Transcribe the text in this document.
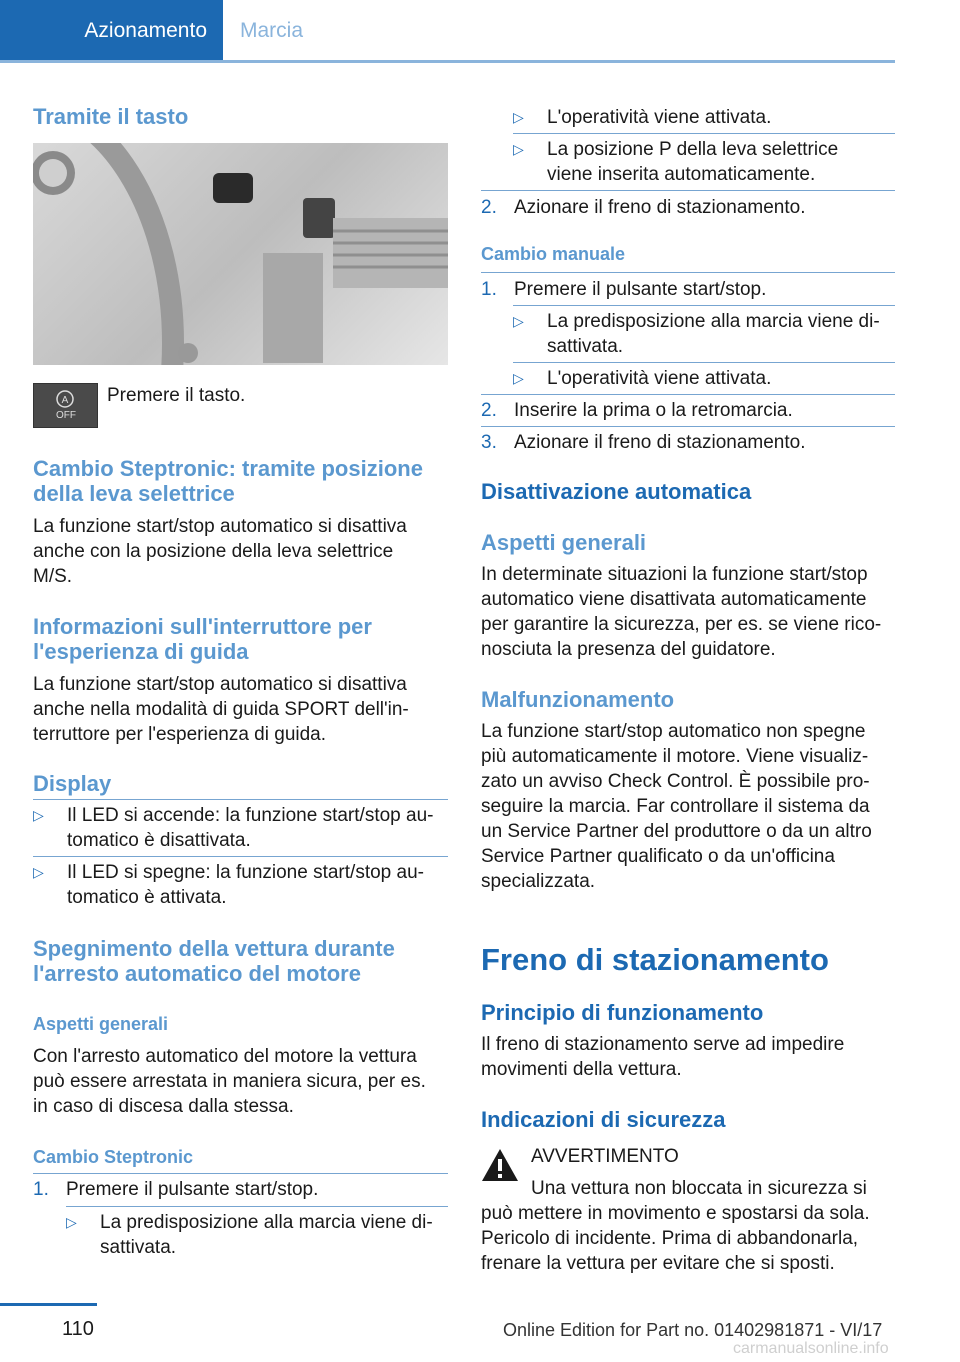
Azionamento	Marcia
Tramite il tasto
A
OFF
Premere il tasto.
Cambio Steptronic: tramite posizione della leva selettrice
La funzione start/stop automatico si disattiva anche con la posizione della leva selettrice M/S.
Informazioni sull'interruttore per l'esperienza di guida
La funzione start/stop automatico si disattiva anche nella modalità di guida SPORT dell'in-terruttore per l'esperienza di guida.
Display
▷ Il LED si accende: la funzione start/stop au-tomatico è disattivata.
▷ Il LED si spegne: la funzione start/stop au-tomatico è attivata.
Spegnimento della vettura durante l'arresto automatico del motore
Aspetti generali
Con l'arresto automatico del motore la vettura può essere arrestata in maniera sicura, per es. in caso di discesa dalla stessa.
Cambio Steptronic
1. Premere il pulsante start/stop.
▷ La predisposizione alla marcia viene di-sattivata.
▷ L'operatività viene attivata.
▷ La posizione P della leva selettrice viene inserita automaticamente.
2. Azionare il freno di stazionamento.
Cambio manuale
1. Premere il pulsante start/stop.
▷ La predisposizione alla marcia viene di-sattivata.
▷ L'operatività viene attivata.
2. Inserire la prima o la retromarcia.
3. Azionare il freno di stazionamento.
Disattivazione automatica
Aspetti generali
In determinate situazioni la funzione start/stop automatico viene disattivata automaticamente per garantire la sicurezza, per es. se viene rico-nosciuta la presenza del guidatore.
Malfunzionamento
La funzione start/stop automatico non spegne più automaticamente il motore. Viene visualiz-zato un avviso Check Control. È possibile pro-seguire la marcia. Far controllare il sistema da un Service Partner del produttore o da un altro Service Partner qualificato o da un'officina specializzata.
Freno di stazionamento
Principio di funzionamento
Il freno di stazionamento serve ad impedire movimenti della vettura.
Indicazioni di sicurezza
AVVERTIMENTO
Una vettura non bloccata in sicurezza si può mettere in movimento e spostarsi da sola. Pericolo di incidente. Prima di abbandonarla, frenare la vettura per evitare che si sposti.
110	Online Edition for Part no. 01402981871 - VI/17
carmanualsonline.info
